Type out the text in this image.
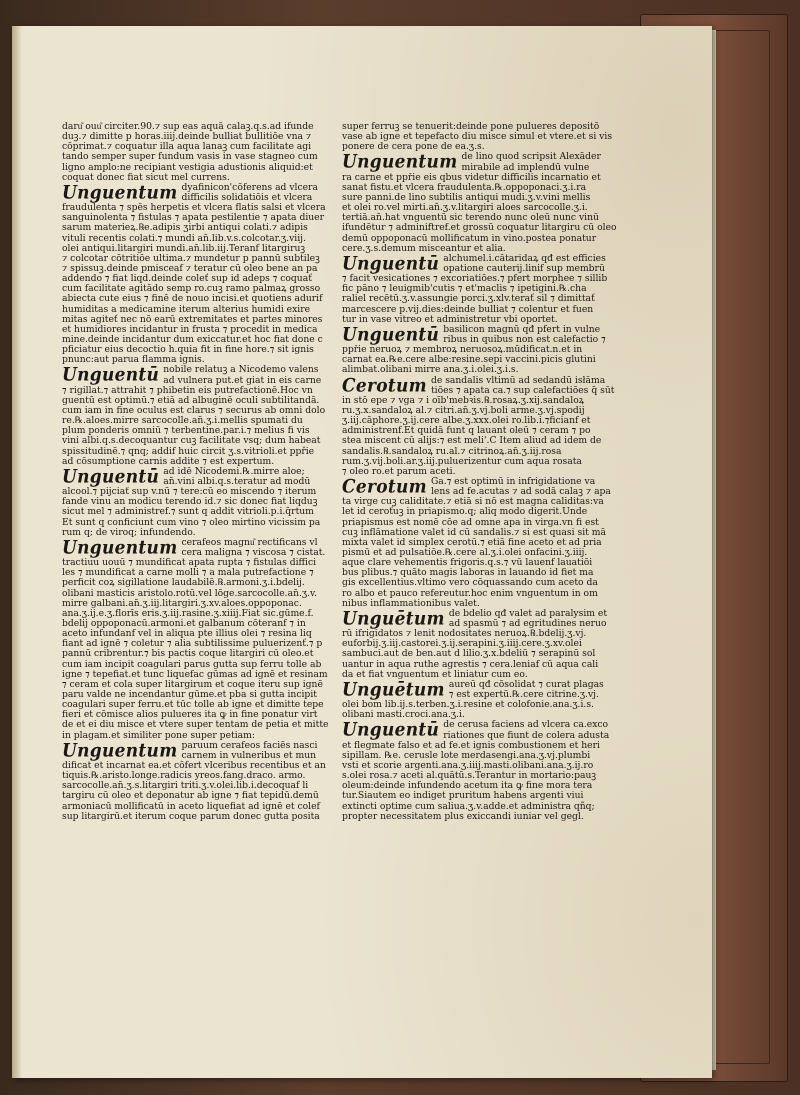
daru͂ ouu͂ circiter.90.⁊ sup eas aquā calaꝫ.q.s.ad ifunde
duꝫ.⁊ dimitte p horas.iiij.deinde bulliat bullitiōe vna ⁊
cōprimat.⁊ coquatur illa aqua lanaꝫ cum facilitate agi
tando semper super fundum vasis in vase stagneo cum
ligno amplo:ne recipiant vestigia adustionis aliquid:et
coquat donec fiat sicut mel currens.
Unguentum dyafinicon'cōferens ad vlcera
difficilis solidatiōis et vlcera
fraudulenta ⁊ spēs herpetis et vlcera flatis salsi et vlcera
sanguinolenta ⁊ fistulas ⁊ apata pestilentie ⁊ apata diuer
sarum materieꝝ.℞e.adipis ʒirbi antiqui colati.⁊ adipis
vituli recentis colati.⁊ mundi an̄.lib.v.s.colcotar.ʒ.viij.
olei antiqui.litargiri mundi.an̄.lib.iij.Teranf litargiruꝫ
⁊ colcotar cōtritiōe ultima.⁊ mundetur p pannū subtileꝫ
⁊ spissuꝫ.deinde pmisceaf ⁊ teratur cū oleo bene an pa
addendo ⁊ fiat liqd.deinde coleť sup id adeps ⁊ coquať
cum facilitate agitādo semp ro.cuꝫ ramo palmaꝝ grosso
abiecta cute eius ⁊ finē de nouo incisi.et quotiens adurif
humiditas a medicamine iterum alterius humidi exire
mitas agiteť nec nō earū extremitates et partes minores
et humidiores incidantur in frusta ⁊ procedit in medica
mine.deinde incidantur dum exiccatur.et hoc fiat done c
pficiatur eius decoctio h.quia fit in fine hore.⁊ sit ignis
pnunc:aut parua flamma ignis.
Unguentū nobile relatuꝫ a Nicodemo valens
ad vulnera put.et giat in eis carne
⁊ rigillat.⁊ attrahit ⁊ phibetin eis putrefactionē.Hoc vn
guentū est optimū.⁊ etiā ad albuginē oculi subtilitandā.
cum iam in fine oculus est clarus ⁊ securus ab omni dolo
re.℞.aloes.mirre sarcocolle.an̄.ʒ.i.mellis spumati du
plum ponderis omniū ⁊ terbentine.par.i.⁊ melius fi vis
vini albi.q.s.decoquantur cuꝫ facilitate vsq; dum habeat
spissitudinē.⁊ qnq; addif huic circit ʒ.s.vitrioli.et ppřie
ad cōsumptione carnis addite ⁊ est expertum.
Unguentū ad idē Nicodemi.℞.mirre aloe;
an̄.vini albi.q.s.teratur ad modū
alcool.⁊ pijciať sup v.nū ⁊ tere:cū eo miscendo ⁊ iterum
fande vinu an modicu terendo id.⁊ sic donec fiat liqduꝫ
sicut mel ⁊ administref.⁊ sunt q addit vitrioli.p.i.q̄rtum
Et sunt q conficiunt cum vino ⁊ oleo mirtino vicissim pa
rum q; de viroq; infundendo.
Unguentum cerafeos magnu͂ rectificans vl
cera maligna ⁊ viscosa ⁊ cistat.
tractiuu uouū ⁊ mundificat apata rupta ⁊ fistulas diffici
les ⁊ mundificat a carne molli ⁊ a mala putrefactione ⁊
perficit coꝝ sigillatione laudabilē.℞.armoni.ʒ.i.bdelij.
olibani masticis aristolo.rotū.vel lōge.sarcocolle.an̄.ʒ.v.
mirre galbani.an̄.ʒ.iij.litargiri.ʒ.xv.aloes.oppoponac.
ana.ʒ.ij.e.ʒ.florīs eris.ʒ.iij.rasine.ʒ.xiiij.Fiat sic.gūme.f.
bdelij oppoponacū.armoni.et galbanum cōteranf ⁊ in
aceto infundanf vel in aliqua pte illius olei ⁊ resina liq
fiant ad ignē ⁊ coletur ⁊ alia subtilissime puluerizenť.⁊ p
pannū cribrentur.⁊ bis pactis coque litargiri cū oleo.et
cum iam incipit coagulari parus gutta sup ferru tolle ab
igne ⁊ tepefiat.et tunc liquefac gūmas ad ignē et resinam
⁊ ceram et cola super litargirum et coque iteru sup ignē
paru valde ne incendantur gūme.et pba si gutta incipit
coagulari super ferru.et tūc tolle ab igne et dimitte tepe
fieri et cōmisce alios pulueres ita ꝙ in fine ponatur virt
de et ei diu misce et vtere super tentam de petia et mitte
in plagam.et similiter pone super petiam:
Unguentum paruum cerafeos faciēs nasci
carnem in vulneribus et mun
dificat et incarnat ea.et cōfert vlceribus recentibus et an
tiquis.℞.aristo.longe.radicis yreos.fang.draco. armo.
sarcocolle.an̄.ʒ.s.litargiri triti.ʒ.v.olei.lib.i.decoquaf li
targiru cū oleo et deponatur ab igne ⁊ fiat tepidū.demū
armoniacū mollificatū in aceto liquefiat ad ignē et colef
sup litargirū.et iterum coque parum donec gutta posita
super ferruꝫ se tenuerit:deinde pone pulueres depositō
vase ab igne et tepefacto diu misce simul et vtere.et si vis
ponere de cera pone de ea.ʒ.s.
Unguentum de lino quod scripsit Alexāder
mirabile ad implendū vulne
ra carne et ppřie eis qbus videtur difficilis incarnatio et
sanat fistu.et vlcera fraudulenta.℞.oppoponaci.ʒ.i.ra
sure panni.de lino subtilis antiqui mudi.ʒ.v.vini mellis
et olei ro.vel mirti.an̄.ʒ.v.litargiri aloes sarcocolle.ʒ.i.
tertiā.an̄.hat vnguentū sic terendo nunc oleū nunc vinū
ifundētur ⁊ adminiftref.et grossū coquatur litargiru cū oleo
demū oppoponacū mollificatum in vino.postea ponatur
cere.ʒ.s.demum misceantur et alia.
Unguentū alchumel.i.cātaridaꝝ qđ est efficies
opatione cauterij.linif sup membrū
⁊ facit vesicationes ⁊ excoriatiōes.⁊ pfert morphee ⁊ sillib
fic pāno ⁊ leuigmib'cutis ⁊ et'maclis ⁊ ipetigini.℞.cha
raliel recētū.ʒ.v.assungie porci.ʒ.xlv.terať sil ⁊ dimittať
marcescere p.vij.dies:deinde bulliat ⁊ colentur et fuen
tur in vase vitreo et administretur vbi oportet.
Unguentū basilicon magnū qđ pfert in vulne
ribus in quibus non est calefactio ⁊
ppřie neruoꝝ ⁊ membroꝝ neruosoꝝ.mūdificat.n.et in
carnat ea.℞e.cere albe:resine.sepi vaccini.picis glutini
alimbat.olibani mirre ana.ʒ.i.olei.ʒ.i.s.
Cerotum de sandalis vltimū ad sedandū isłāma
tiōes ⁊ apata ca.⁊ sup calefactiōes q̄ sūt
in stō epe ⁊ vga ⁊ i oīb'mebꝛis.℞.rosaꝝ.ʒ.xij.sandaloꝝ
ru.ʒ.x.sandaloꝝ al.⁊ citri.an̄.ʒ.vj.boli arme.ʒ.vj.spodij
ʒ.iij.cāphore.ʒ.ij.cere albe.ʒ.xxx.olei ro.lib.i.⁊ficianf et
administrenf.Et quidā funt q lauant oleū ⁊ ceram ⁊ po
stea miscent cū alijs:⁊ est meli'.C Item aliud ad idem de
sandalis.℞.sandaloꝝ ru.al.⁊ citrinoꝝ.an̄.ʒ.iij.rosa
rum.ʒ.vij.boli.ar.ʒ.iij.puluerizentur cum aqua rosata
⁊ oleo ro.et parum aceti.
Cerotum Ga.⁊ est optimū in infrigidatione va
lens ad fe.acutas ⁊ ad sodā calaꝫ ⁊ apa
ta virge cuꝫ caliditate.⁊ etiā si nō est magna caliditas:va
let id ceroťuꝫ in priapismo.q; aliq modo digerit.Unde
priapismus est nomē cōe ad omne apa in virga.vn fi est
cuꝫ inflāmatione valet id cū sandalis.⁊ si est quasi sit mā
mixta valet id simplex cerotū.⁊ etiā fine aceto et ad pria
pismū et ad pulsatiōe.℞.cere al.ʒ.i.olei onfacini.ʒ.iiij.
aque clare vehementis frigoris.q.s.⁊ vū lauenf lauatiōi
bus plibus.⁊ quāto magis laboras in lauando id fiet ma
gis excellentius.vltimo vero cōquassando cum aceto da
ro albo et pauco refereutur.hoc enim vnguentum in om
nibus inflammationibus valet.
Unguētum de bdelio qđ valet ad paralysim et
ad spasmū ⁊ ad egritudines neruo
rū ifrigidatos ⁊ lenit nodositates neruoꝝ.℞.bdelij.ʒ.vj.
euforbij.ʒ.iij.castorei.ʒ.ij.serapini.ʒ.iiij.cere.ʒ.xv.olei
sambuci.aut de ben.aut d lilio.ʒ.x.bdeliū ⁊ serapinū sol
uantur in aqua ruthe agrestis ⁊ cera.leniaf cū aqua cali
da et fiat vnguentum et liniatur cum eo.
Unguētum aureū qđ cōsolidat ⁊ curat plagas
⁊ est expertū.℞.cere citrine.ʒ.vj.
olei bom lib.ij.s.terben.ʒ.i.resine et colofonie.ana.ʒ.i.s.
olibani masti.croci.ana.ʒ.i.
Unguentū de cerusa faciens ad vlcera ca.exco
riationes que fiunt de colera adusta
et flegmate falso et ad fe.et ignis combustionem et heri
sipillam. ℞e. cerusle lote merdasengi.ana.ʒ.vj.plumbi
vsti et scorie argenti.ana.ʒ.iiij.masti.olibani.ana.ʒ.ij.ro
s.olei rosa.⁊ aceti al.quātū.s.Terantur in mortario:pauꝫ
oleum:deinde infundendo acetum ita ꝙ fine mora tera
tur.Siautem eo indiget pruritum habens argenti viui
extincti optime cum saliua.ʒ.v.adde.et administra qñq;
propter necessitatem plus exiccandi iuniar vel gegl.
